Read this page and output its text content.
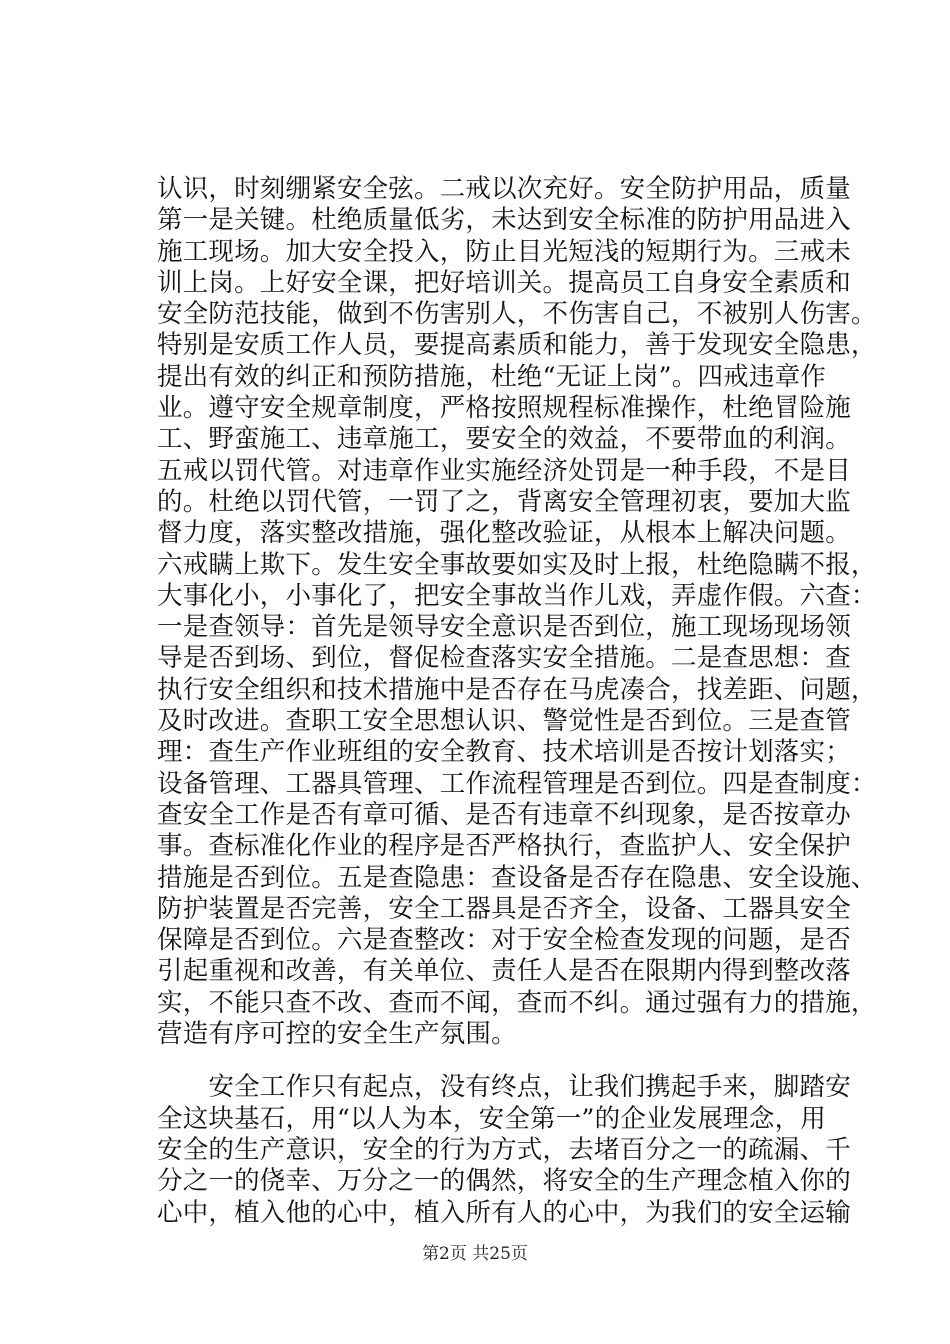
认识，时刻绷紧安全弦。二戒以次充好。安全防护用品，质量
第一是关键。杜绝质量低劣，未达到安全标准的防护用品进入
施工现场。加大安全投入，防止目光短浅的短期行为。三戒未
训上岗。上好安全课，把好培训关。提高员工自身安全素质和
安全防范技能，做到不伤害别人，不伤害自己，不被别人伤害。
特别是安质工作人员，要提高素质和能力，善于发现安全隐患，
提出有效的纠正和预防措施，杜绝“无证上岗”。四戒违章作
业。遵守安全规章制度，严格按照规程标准操作，杜绝冒险施
工、野蛮施工、违章施工，要安全的效益，不要带血的利润。
五戒以罚代管。对违章作业实施经济处罚是一种手段，不是目
的。杜绝以罚代管，一罚了之，背离安全管理初衷，要加大监
督力度，落实整改措施，强化整改验证，从根本上解决问题。
六戒瞒上欺下。发生安全事故要如实及时上报，杜绝隐瞒不报，
大事化小，小事化了，把安全事故当作儿戏，弄虚作假。六查：
一是查领导：首先是领导安全意识是否到位，施工现场现场领
导是否到场、到位，督促检查落实安全措施。二是查思想：查
执行安全组织和技术措施中是否存在马虎凑合，找差距、问题，
及时改进。查职工安全思想认识、警觉性是否到位。三是查管
理：查生产作业班组的安全教育、技术培训是否按计划落实；
设备管理、工器具管理、工作流程管理是否到位。四是查制度：
查安全工作是否有章可循、是否有违章不纠现象，是否按章办
事。查标准化作业的程序是否严格执行，查监护人、安全保护
措施是否到位。五是查隐患：查设备是否存在隐患、安全设施、
防护装置是否完善，安全工器具是否齐全，设备、工器具安全
保障是否到位。六是查整改：对于安全检查发现的问题，是否
引起重视和改善，有关单位、责任人是否在限期内得到整改落
实，不能只查不改、查而不闻，查而不纠。通过强有力的措施，
营造有序可控的安全生产氛围。
　　安全工作只有起点，没有终点，让我们携起手来，脚踏安
全这块基石，用“以人为本，安全第一”的企业发展理念，用
安全的生产意识，安全的行为方式，去堵百分之一的疏漏、千
分之一的侥幸、万分之一的偶然，将安全的生产理念植入你的
心中，植入他的心中，植入所有人的心中，为我们的安全运输
第2页 共25页
